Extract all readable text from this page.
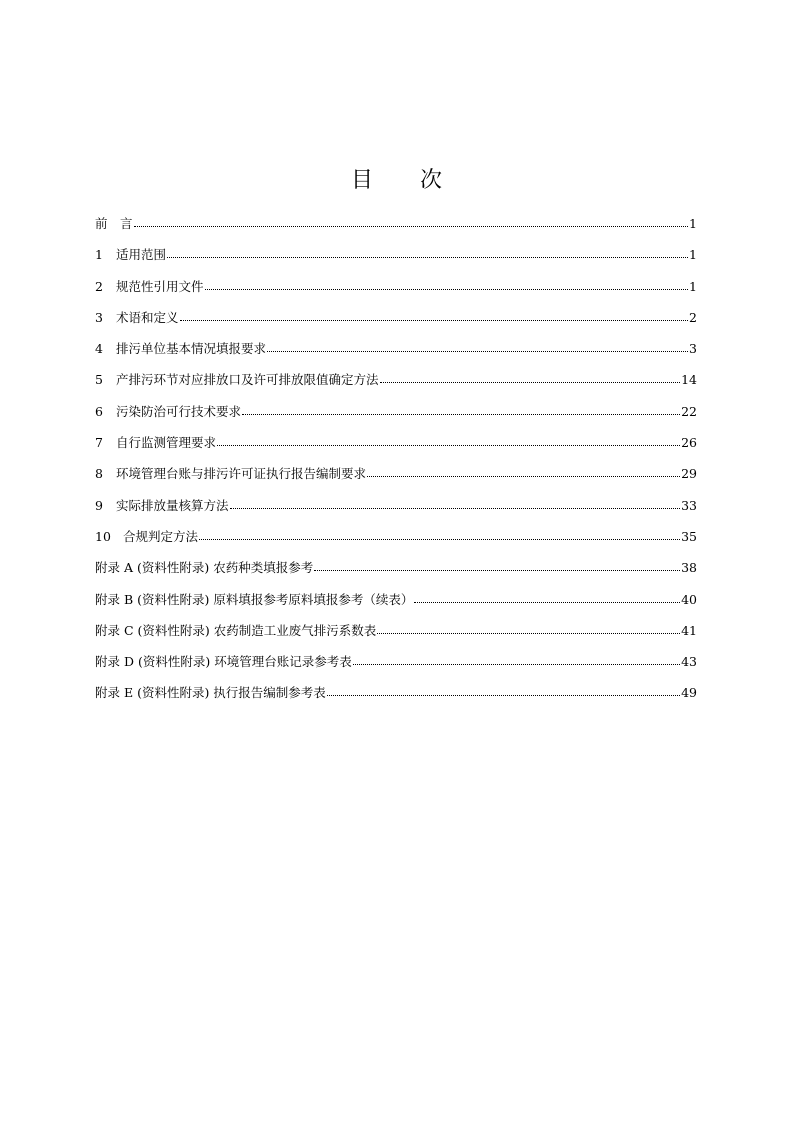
目 次
前　言	1
1	适用范围	1
2	规范性引用文件	1
3	术语和定义	2
4	排污单位基本情况填报要求	3
5	产排污环节对应排放口及许可排放限值确定方法	14
6	污染防治可行技术要求	22
7	自行监测管理要求	26
8	环境管理台账与排污许可证执行报告编制要求	29
9	实际排放量核算方法	33
10 合规判定方法	35
附录 A (资料性附录) 农药种类填报参考	38
附录 B (资料性附录) 原料填报参考原料填报参考（续表）	40
附录 C (资料性附录) 农药制造工业废气排污系数表	41
附录 D (资料性附录) 环境管理台账记录参考表	43
附录 E (资料性附录) 执行报告编制参考表	49
